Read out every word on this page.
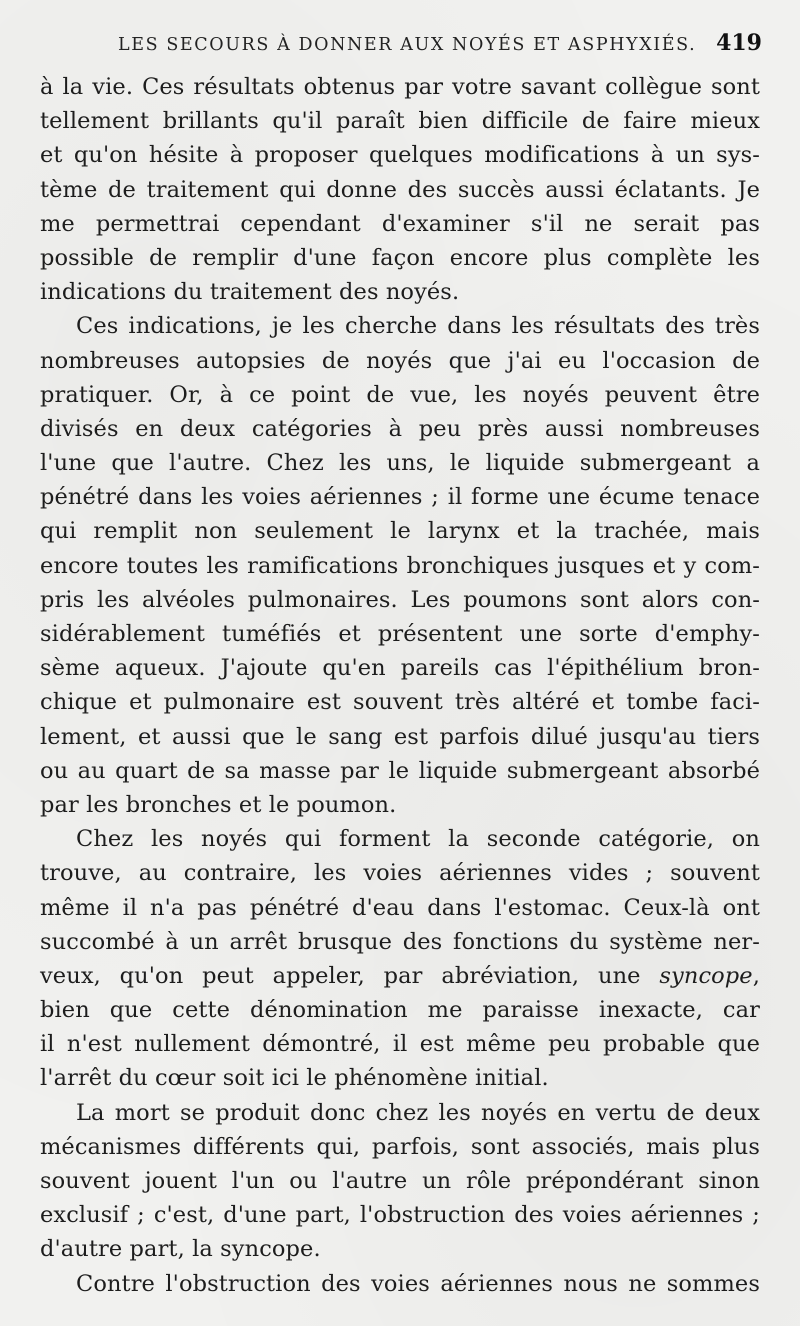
LES SECOURS À DONNER AUX NOYÉS ET ASPHYXIÉS. 419
à la vie. Ces résultats obtenus par votre savant collègue sont
tellement brillants qu'il paraît bien difficile de faire mieux
et qu'on hésite à proposer quelques modifications à un sys-
tème de traitement qui donne des succès aussi éclatants. Je
me permettrai cependant d'examiner s'il ne serait pas
possible de remplir d'une façon encore plus complète les
indications du traitement des noyés.
Ces indications, je les cherche dans les résultats des très
nombreuses autopsies de noyés que j'ai eu l'occasion de
pratiquer. Or, à ce point de vue, les noyés peuvent être
divisés en deux catégories à peu près aussi nombreuses
l'une que l'autre. Chez les uns, le liquide submergeant a
pénétré dans les voies aériennes ; il forme une écume tenace
qui remplit non seulement le larynx et la trachée, mais
encore toutes les ramifications bronchiques jusques et y com-
pris les alvéoles pulmonaires. Les poumons sont alors con-
sidérablement tuméfiés et présentent une sorte d'emphy-
sème aqueux. J'ajoute qu'en pareils cas l'épithélium bron-
chique et pulmonaire est souvent très altéré et tombe faci-
lement, et aussi que le sang est parfois dilué jusqu'au tiers
ou au quart de sa masse par le liquide submergeant absorbé
par les bronches et le poumon.
Chez les noyés qui forment la seconde catégorie, on
trouve, au contraire, les voies aériennes vides ; souvent
même il n'a pas pénétré d'eau dans l'estomac. Ceux-là ont
succombé à un arrêt brusque des fonctions du système ner-
veux, qu'on peut appeler, par abréviation, une syncope,
bien que cette dénomination me paraisse inexacte, car
il n'est nullement démontré, il est même peu probable que
l'arrêt du cœur soit ici le phénomène initial.
La mort se produit donc chez les noyés en vertu de deux
mécanismes différents qui, parfois, sont associés, mais plus
souvent jouent l'un ou l'autre un rôle prépondérant sinon
exclusif ; c'est, d'une part, l'obstruction des voies aériennes ;
d'autre part, la syncope.
Contre l'obstruction des voies aériennes nous ne sommes
